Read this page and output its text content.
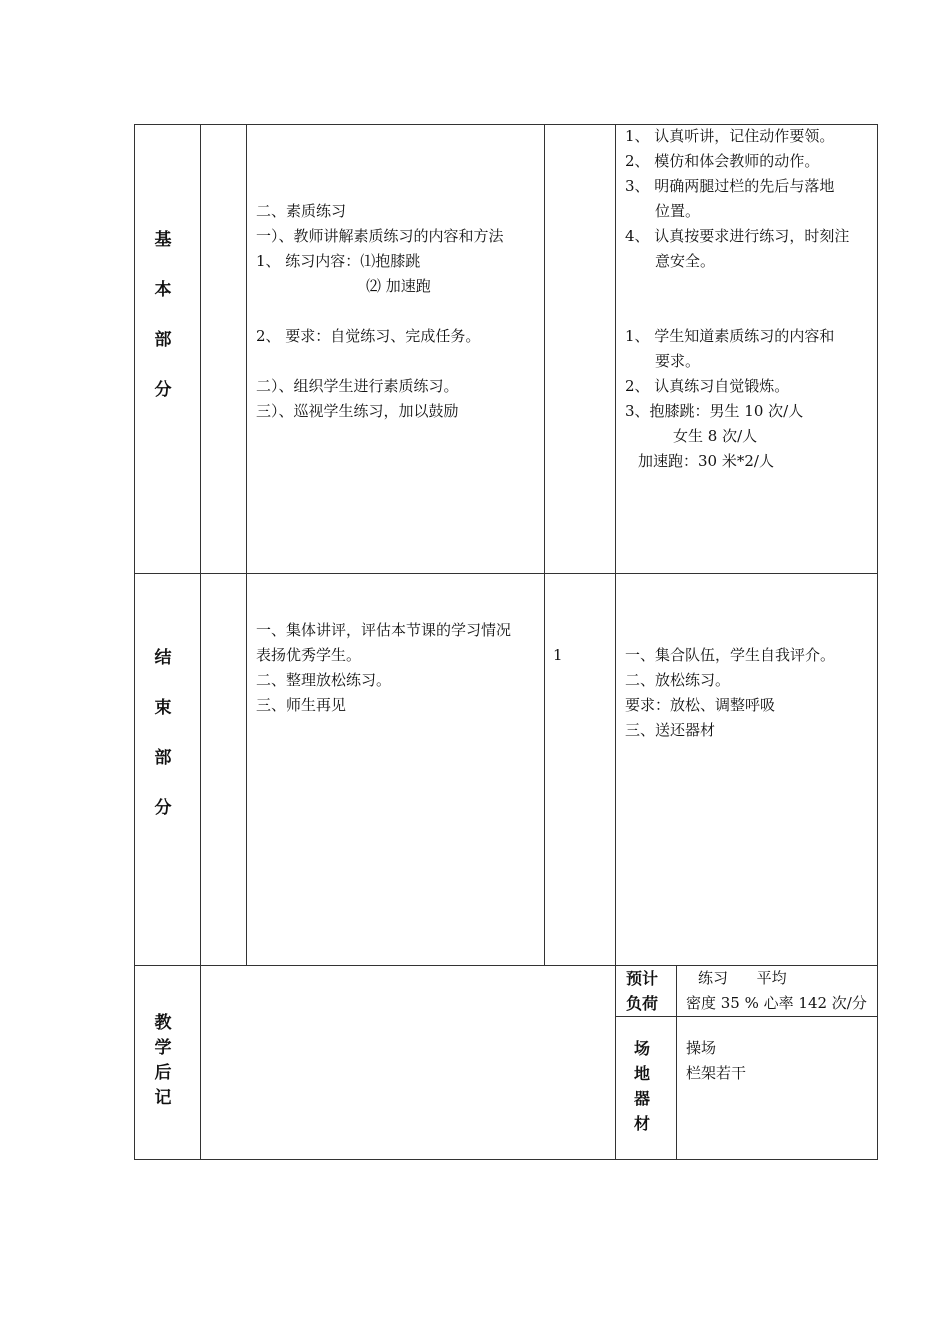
基
本
部
分
二、素质练习
一）、教师讲解素质练习的内容和方法
1、 练习内容：⑴抱膝跳
⑵ 加速跑
2、 要求：自觉练习、完成任务。
二）、组织学生进行素质练习。
三）、巡视学生练习，加以鼓励
1、 认真听讲，记住动作要领。
2、 模仿和体会教师的动作。
3、 明确两腿过栏的先后与落地
位置。
4、 认真按要求进行练习，时刻注
意安全。
1、 学生知道素质练习的内容和
要求。
2、 认真练习自觉锻炼。
3、抱膝跳：男生 10 次/人
女生 8 次/人
加速跑：30 米*2/人
结
束
部
分
一、集体讲评，评估本节课的学习情况
表扬优秀学生。
二、整理放松练习。
三、师生再见
1	一、集合队伍，学生自我评介。
二、放松练习。
要求：放松、调整呼吸
三、送还器材
教
学
后
记
预计
负荷
练习      平均
密度 35 % 心率 142 次/分
场
地
器
材
操场
栏架若干
